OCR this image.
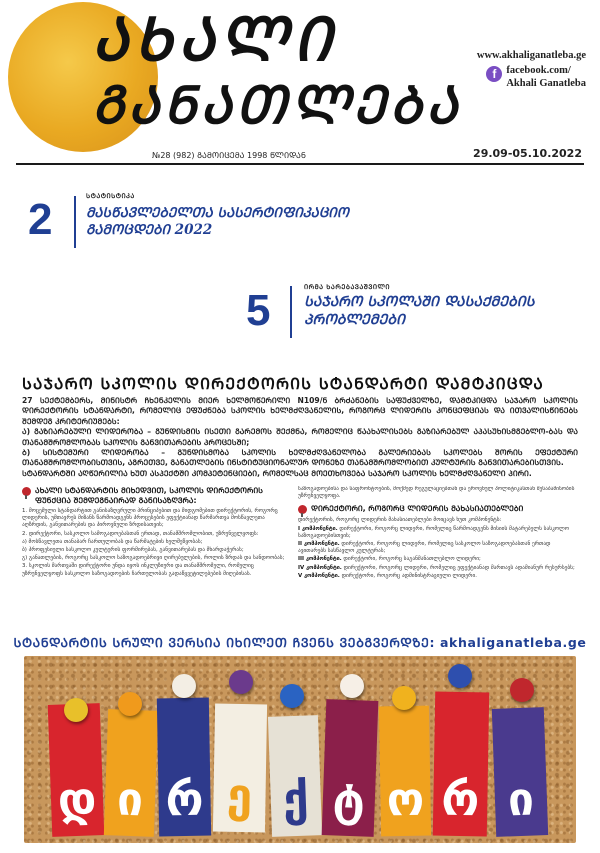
ᲐᲮᲐᲚᲘ
ᲒᲐᲜᲐᲗᲚᲔᲑᲐ
www.akhaliganatleba.ge
f facebook.com/
Akhali Ganatleba
№28 (982) ᲒᲐᲛᲝᲘᲪᲔᲛᲐ 1998 ᲬᲚᲘᲓᲐᲜ	29.09-05.10.2022
2	ᲡᲢᲐᲢᲘᲡᲢᲘᲙᲐ
ᲛᲐᲡᲬᲐᲕᲚᲔᲑᲔᲚᲗᲐ ᲡᲐᲡᲔᲠᲢᲘᲤᲘᲙᲐᲪᲘᲝ ᲒᲐᲛᲝᲪᲓᲔᲑᲘ 2022
5	ᲘᲠᲛᲐ ᲮᲐᲠᲔᲑᲐᲕᲐᲨᲕᲘᲚᲘ
ᲡᲐᲯᲐᲠᲝ ᲡᲙᲝᲚᲐᲨᲘ ᲓᲐᲡᲐᲥᲛᲔᲑᲘᲡ ᲞᲠᲝᲑᲚᲔᲛᲔᲑᲘ
ᲡᲐᲯᲐᲠᲝ ᲡᲙᲝᲚᲘᲡ ᲓᲘᲠᲔᲥᲢᲝᲠᲘᲡ ᲡᲢᲐᲜᲓᲐᲠᲢᲘ ᲓᲐᲛᲢᲙᲘᲪᲓᲐ

27 ᲡᲔᲥᲢᲔᲛᲑᲔᲠᲡ, ᲛᲘᲜᲘᲡᲢᲠ ᲩᲮᲔᲜᲙᲔᲚᲘᲡ ᲛᲘᲔᲠ ᲮᲔᲚᲛᲝᲬᲔᲠᲘᲚᲘ N109/Ნ ᲑᲠᲫᲐᲜᲔᲑᲘᲡ ᲡᲐᲤᲣᲫᲕᲔᲚᲖᲔ, ᲓᲐᲛᲢᲙᲘᲪᲓᲐ ᲡᲐᲯᲐᲠᲝ ᲡᲙᲝᲚᲘᲡ ᲓᲘᲠᲔᲥᲢᲝᲠᲘᲡ ᲡᲢᲐᲜᲓᲐᲠᲢᲘ, ᲠᲝᲛᲔᲚᲘᲪ ᲔᲤᲣᲫᲜᲔᲑᲐ ᲡᲙᲝᲚᲘᲡ ᲮᲔᲚᲛᲫᲦᲕᲐᲜᲔᲚᲘᲡ, ᲠᲝᲒᲝᲠᲪ ᲚᲘᲓᲔᲠᲘᲡ ᲙᲝᲜᲪᲔᲤᲪᲘᲐᲡ ᲓᲐ ᲘᲗᲕᲐᲚᲘᲡᲬᲘᲜᲔᲑᲡ ᲨᲔᲛᲓᲔᲒ ᲙᲠᲘᲢᲔᲠᲘᲣᲛᲔᲑᲡ:

Ა) ᲒᲐᲖᲘᲐᲠᲔᲑᲣᲚᲘ ᲚᲘᲓᲔᲠᲝᲑᲐ – ᲒᲣᲜᲓᲘᲡᲛᲘᲡ ᲘᲡᲔᲗᲘ ᲒᲐᲠᲔᲛᲝᲡ ᲨᲔᲥᲛᲜᲐ, ᲠᲝᲛᲔᲚᲘᲪ ᲬᲐᲐᲮᲐᲚᲘᲡᲔᲑᲡ ᲒᲐᲖᲘᲐᲠᲔᲑᲣᲚ ᲐᲞᲐᲡᲣᲮᲘᲡᲛᲒᲔᲑᲚᲝ-ᲑᲐᲡ ᲓᲐ ᲗᲐᲜᲐᲛᲨᲠᲝᲛᲚᲝᲑᲐᲡ ᲡᲙᲝᲚᲘᲡ ᲒᲐᲜᲕᲘᲗᲐᲠᲔᲑᲘᲡ ᲞᲠᲝᲪᲔᲡᲨᲘ;

Ბ) ᲡᲘᲡᲢᲔᲛᲣᲠᲘ ᲚᲘᲓᲔᲠᲝᲑᲐ – ᲒᲣᲜᲓᲘᲡᲛᲝᲑᲐ ᲡᲙᲝᲚᲘᲡ ᲮᲔᲚᲛᲫᲦᲕᲐᲜᲔᲚᲝᲑᲐ ᲒᲐᲚᲔᲠᲘᲔᲑᲐᲡ ᲡᲙᲝᲚᲔᲑᲡ ᲨᲝᲠᲘᲡ ᲔᲤᲔᲥᲢᲣᲠᲘ ᲗᲐᲜᲐᲛᲨᲠᲝᲛᲚᲝᲑᲘᲡᲗᲕᲘᲡ, ᲐᲒᲠᲔᲗᲕᲔ, ᲒᲐᲜᲐᲗᲚᲔᲑᲘᲡ ᲘᲜᲡᲢᲘᲢᲣᲪᲘᲝᲜᲐᲚᲣᲠ ᲓᲝᲜᲔᲖᲔ ᲗᲐᲜᲐᲛᲨᲠᲝᲛᲚᲝᲑᲘᲗ ᲙᲣᲚᲢᲣᲠᲘᲡ ᲒᲐᲜᲕᲘᲗᲐᲠᲔᲑᲘᲡᲗᲕᲘᲡ.

ᲡᲢᲐᲜᲓᲐᲠᲢᲨᲘ ᲐᲦᲬᲔᲠᲘᲚᲘᲐ ᲮᲣᲗ ᲐᲡᲞᲔᲥᲢᲨᲘ ᲙᲝᲛᲞᲔᲢᲔᲜᲪᲘᲔᲑᲘ, ᲠᲝᲛᲔᲚᲡᲐᲪ ᲛᲝᲔᲗᲮᲝᲕᲔᲑᲐ ᲡᲐᲯᲐᲠᲝ ᲡᲙᲝᲚᲘᲡ ᲮᲔᲚᲛᲫᲦᲕᲐᲜᲔᲚᲘ ᲞᲘᲠᲘ.

ᲐᲮᲐᲚᲘ ᲡᲢᲐᲜᲓᲐᲠᲢᲘᲡ ᲛᲘᲮᲔᲓᲕᲘᲗ, ᲡᲙᲝᲚᲘᲡ ᲓᲘᲠᲔᲥᲢᲝᲠᲘᲡ ᲤᲣᲜᲥᲪᲘᲐ ᲨᲔᲛᲓᲔᲒᲜᲐᲘᲠᲐᲓ ᲒᲐᲜᲘᲡᲐᲖᲦᲕᲠᲐ:

1. მოცემული სტანდარტით განისაზღვრული პრინციპებით და მიდგომებით დირექტორის, როგორც ლიდერის, უმთავრეს მიზანს წარმოადგენს პროცესების ეფექტიანად წარმართვა მოსწავლეთა აღზრდის, განვითარების და პიროვნული ზრდისათვის;

2. დირექტორი, სასკოლო სამოგადოებასთან ერთად, თანამშრომლობით, უზრუნველყოფს:

ა) მოსწავლეთა თანაბარ ჩართულობას და წარმატების ხელშეწყობას;

ბ) პროფესიული სასკოლო კულტურის ფორმირებას, განვითარებას და მხარდაჭერას;

გ) განათლების, როგორც სასკოლო საზოგადოებრივი ღირებულების, როლის ზრდას და სანდოობას;

3. სკოლის მართვაში დირექტორი უნდა იყოს ინკლუზიური და თანამშრომელი, რომელიც უზრუნველყოფს სასკოლო საზოგადოების ჩართულობას გადაწყვეტილებების მიღებისას.

საზოგადოებისა და საფრონტოების, მოქმედ რეგულაციებთან და ეროვნულ პოლიტიკასთან შესაბამისობის უზრუნველყოფა.

ᲓᲘᲠᲔᲥᲢᲝᲠᲘ, ᲠᲝᲒᲝᲠᲪ ᲚᲘᲓᲔᲠᲘᲡ ᲛᲐᲮᲐᲡᲘᲐᲗᲔᲑᲚᲔᲑᲘ

დირექტორის, როგორც ლიდერის მახასიათებლები მოიცავს ხუთ კომპონენტს:

I კომპონენტი. დირექტორი, როგორც ლიდერი, რომელიც წარმოადგენს მისიის მატარებელს სასკოლო საზოგადოებისთვის;

II კომპონენტი. დირექტორი, როგორც ლიდერი, რომელიც სასკოლო საზოგადოებასთან ერთად ავითარებს სასწავლო კულტურას;

III კომპონენტი. დირექტორი, როგორც საგანმანათლებლო ლიდერი;

IV კომპონენტი. დირექტორი, როგორც ლიდერი, რომელიც ეფექტიანად მართავს ადამიანურ რესურსებს;

V კომპონენტი. დირექტორი, როგორც ადმინისტრაციული ლიდერი.

ᲡᲢᲐᲜᲓᲐᲠᲢᲘᲡ ᲡᲠᲣᲚᲘ ᲕᲔᲠᲡᲘᲐ ᲘᲮᲘᲚᲔᲗ ᲩᲕᲔᲜᲡ ᲕᲔᲑᲒᲕᲔᲠᲓᲖᲔ: akhaliganatleba.ge
დ ი რ ე ქ ტ ო რ ი
